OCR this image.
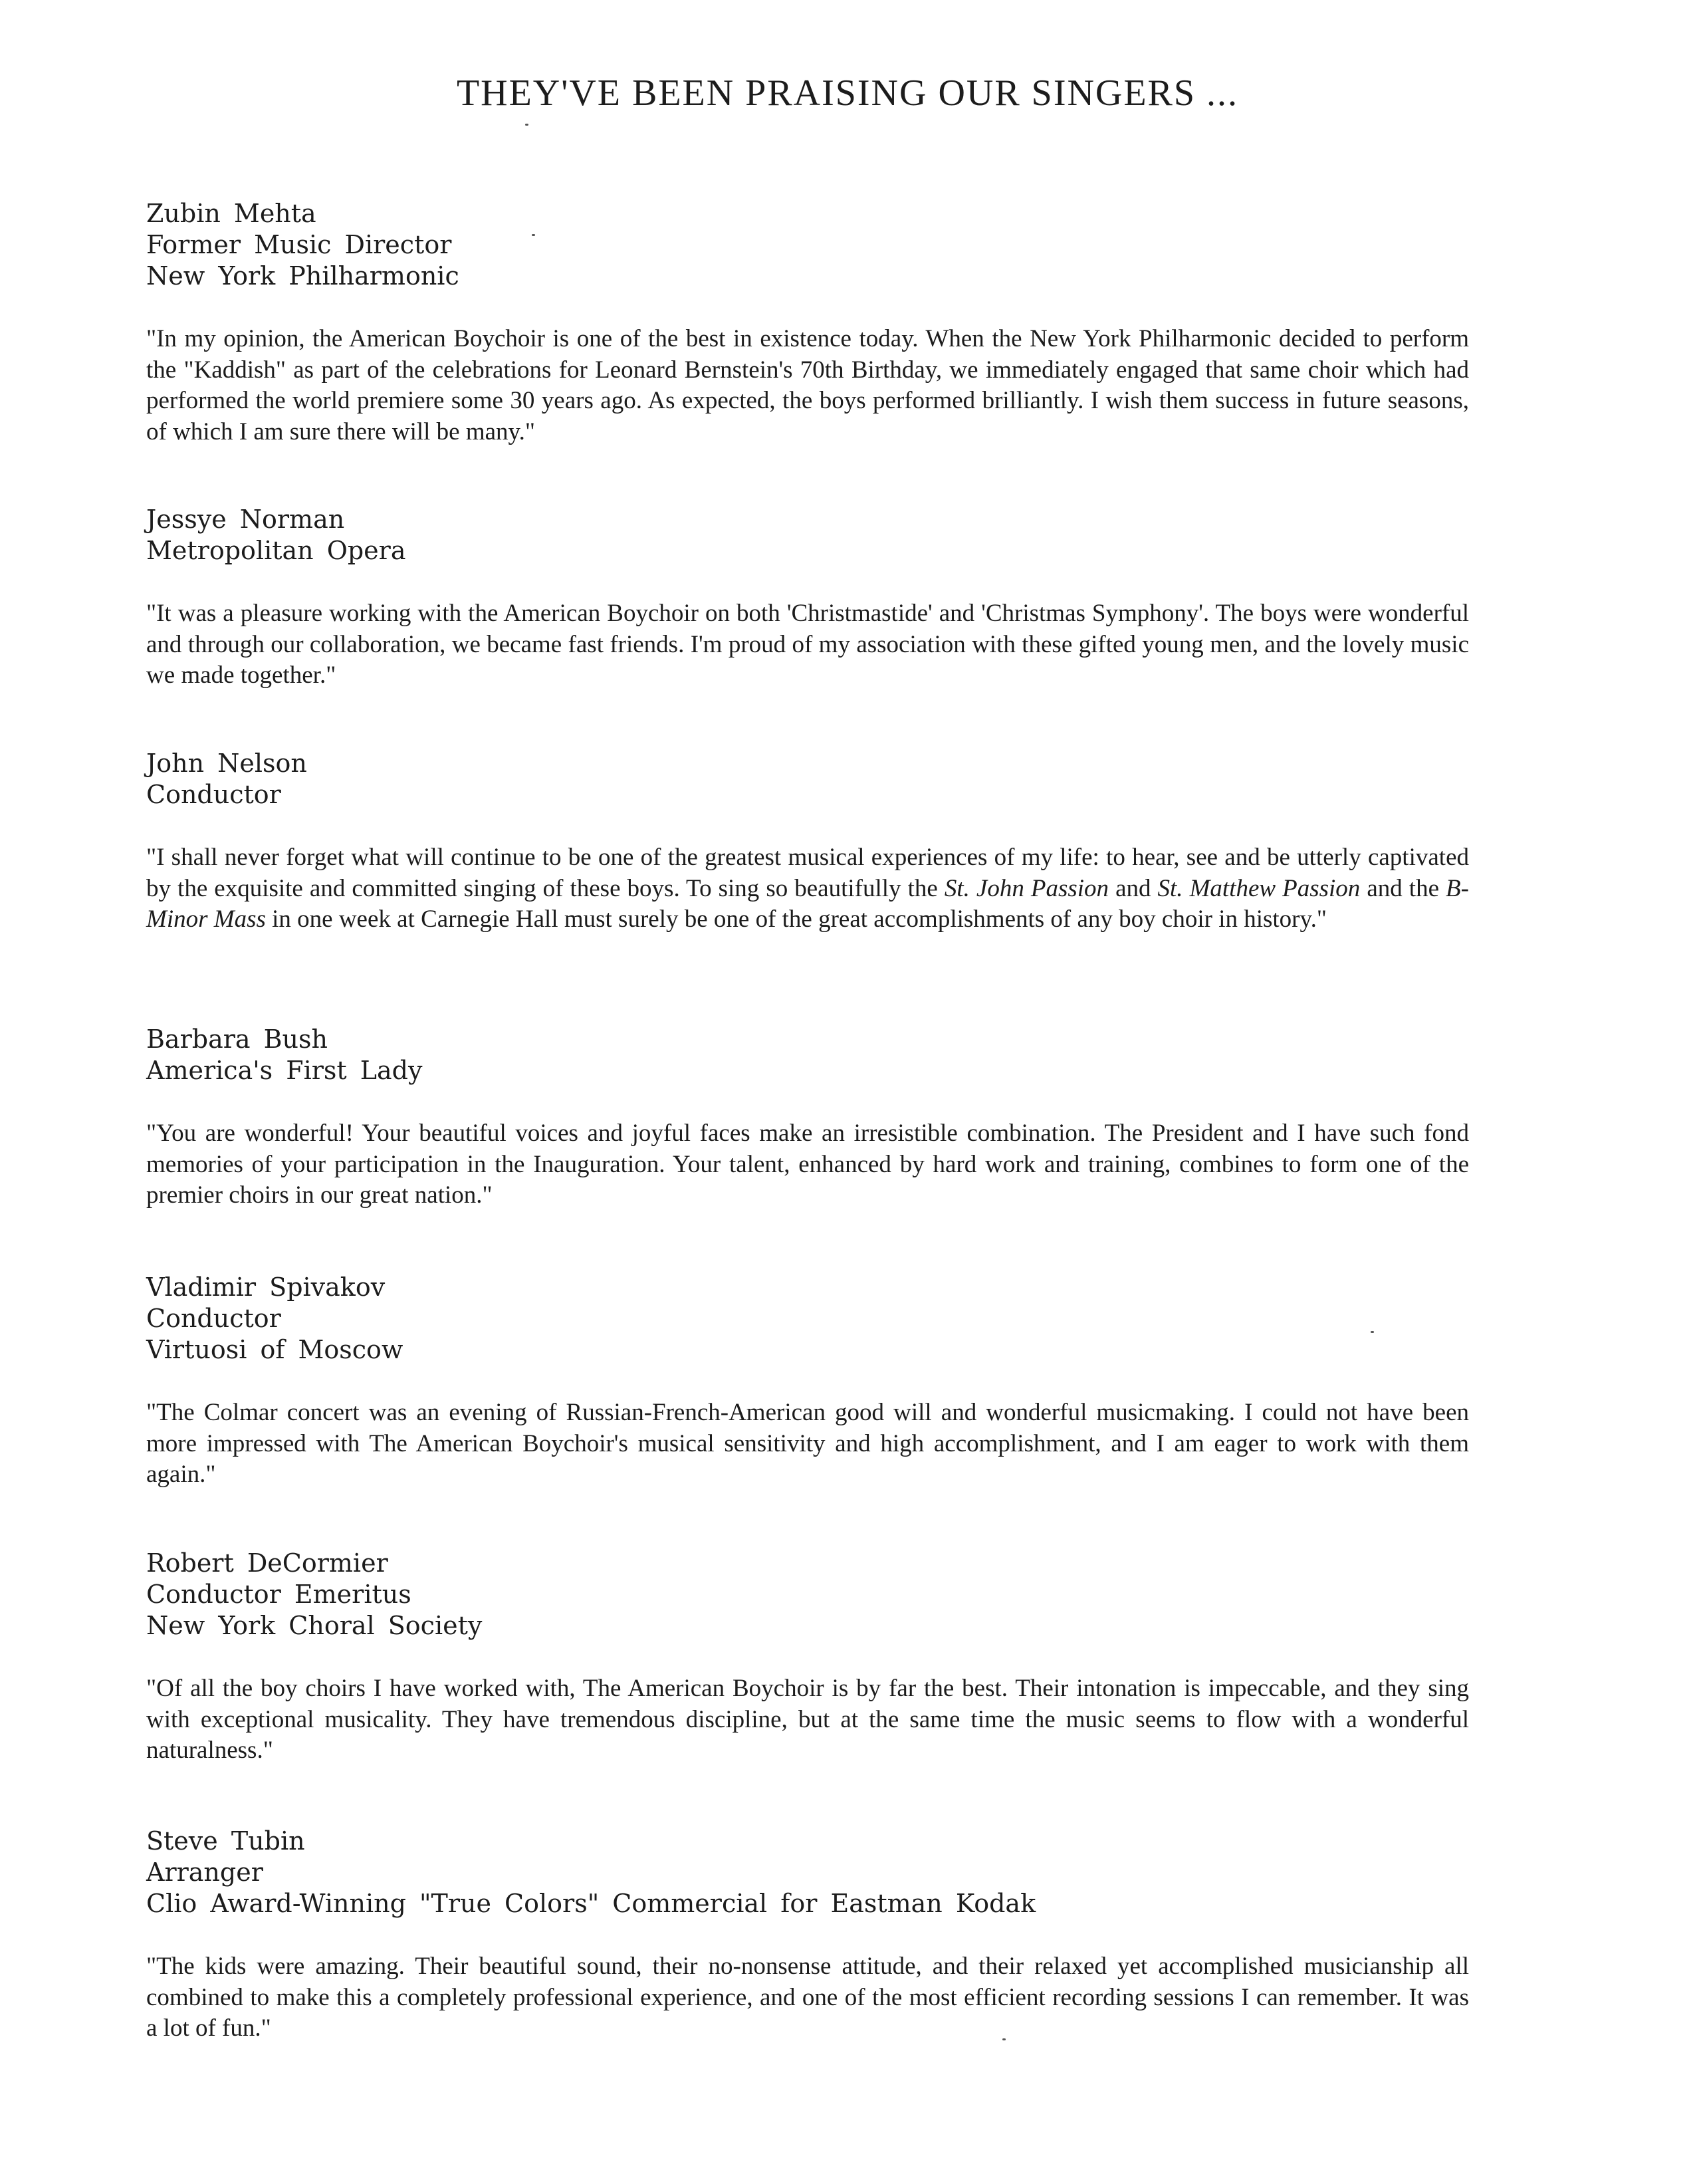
THEY'VE BEEN PRAISING OUR SINGERS ...
Zubin Mehta
Former Music Director
New York Philharmonic

"In my opinion, the American Boychoir is one of the best in existence today. When the New York Philharmonic decided to perform the "Kaddish" as part of the celebrations for Leonard Bernstein's 70th Birthday, we immediately engaged that same choir which had performed the world premiere some 30 years ago. As expected, the boys performed brilliantly. I wish them success in future seasons, of which I am sure there will be many."

Jessye Norman
Metropolitan Opera

"It was a pleasure working with the American Boychoir on both 'Christmastide' and 'Christmas Symphony'. The boys were wonderful and through our collaboration, we became fast friends. I'm proud of my association with these gifted young men, and the lovely music we made together."

John Nelson
Conductor

"I shall never forget what will continue to be one of the greatest musical experiences of my life: to hear, see and be utterly captivated by the exquisite and committed singing of these boys. To sing so beautifully the St. John Passion and St. Matthew Passion and the B-Minor Mass in one week at Carnegie Hall must surely be one of the great accomplishments of any boy choir in history."

Barbara Bush
America's First Lady

"You are wonderful! Your beautiful voices and joyful faces make an irresistible combination. The President and I have such fond memories of your participation in the Inauguration. Your talent, enhanced by hard work and training, combines to form one of the premier choirs in our great nation."

Vladimir Spivakov
Conductor
Virtuosi of Moscow

"The Colmar concert was an evening of Russian-French-American good will and wonderful musicmaking. I could not have been more impressed with The American Boychoir's musical sensitivity and high accomplishment, and I am eager to work with them again."

Robert DeCormier
Conductor Emeritus
New York Choral Society

"Of all the boy choirs I have worked with, The American Boychoir is by far the best. Their intonation is impeccable, and they sing with exceptional musicality. They have tremendous discipline, but at the same time the music seems to flow with a wonderful naturalness."

Steve Tubin
Arranger
Clio Award-Winning "True Colors" Commercial for Eastman Kodak

"The kids were amazing. Their beautiful sound, their no-nonsense attitude, and their relaxed yet accomplished musicianship all combined to make this a completely professional experience, and one of the most efficient recording sessions I can remember. It was a lot of fun."
